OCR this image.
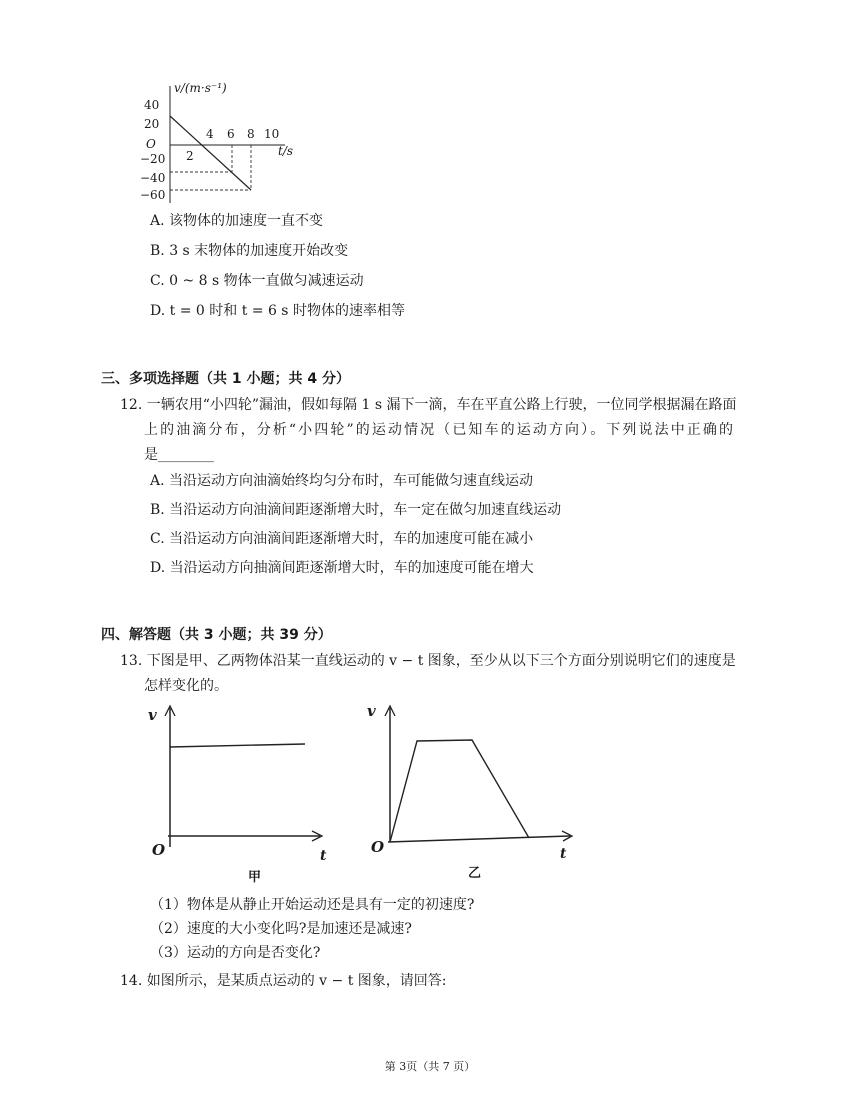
v/(m·s⁻¹)
40
20
O
−20
−40
−60
2
4 6 8 10
t/s
A. 该物体的加速度一直不变
B. 3 s 末物体的加速度开始改变
C. 0 ~ 8 s 物体一直做匀减速运动
D. t = 0 时和 t = 6 s 时物体的速率相等
三、多项选择题（共 1 小题；共 4 分）
12. 一辆农用“小四轮”漏油，假如每隔 1 s 漏下一滴，车在平直公路上行驶，一位同学根据漏在路面
上的油滴分布，分析“小四轮”的运动情况（已知车的运动方向）。下列说法中正确的
是________
A. 当沿运动方向油滴始终均匀分布时，车可能做匀速直线运动
B. 当沿运动方向油滴间距逐渐增大时，车一定在做匀加速直线运动
C. 当沿运动方向油滴间距逐渐增大时，车的加速度可能在减小
D. 当沿运动方向抽滴间距逐渐增大时，车的加速度可能在增大
四、解答题（共 3 小题；共 39 分）
13. 下图是甲、乙两物体沿某一直线运动的 v − t 图象，至少从以下三个方面分别说明它们的速度是
怎样变化的。
v
O	t
甲
v
O	t
乙
（1）物体是从静止开始运动还是具有一定的初速度?
（2）速度的大小变化吗?是加速还是减速?
（3）运动的方向是否变化?
14. 如图所示，是某质点运动的 v − t 图象，请回答:
第 3页（共 7 页）
